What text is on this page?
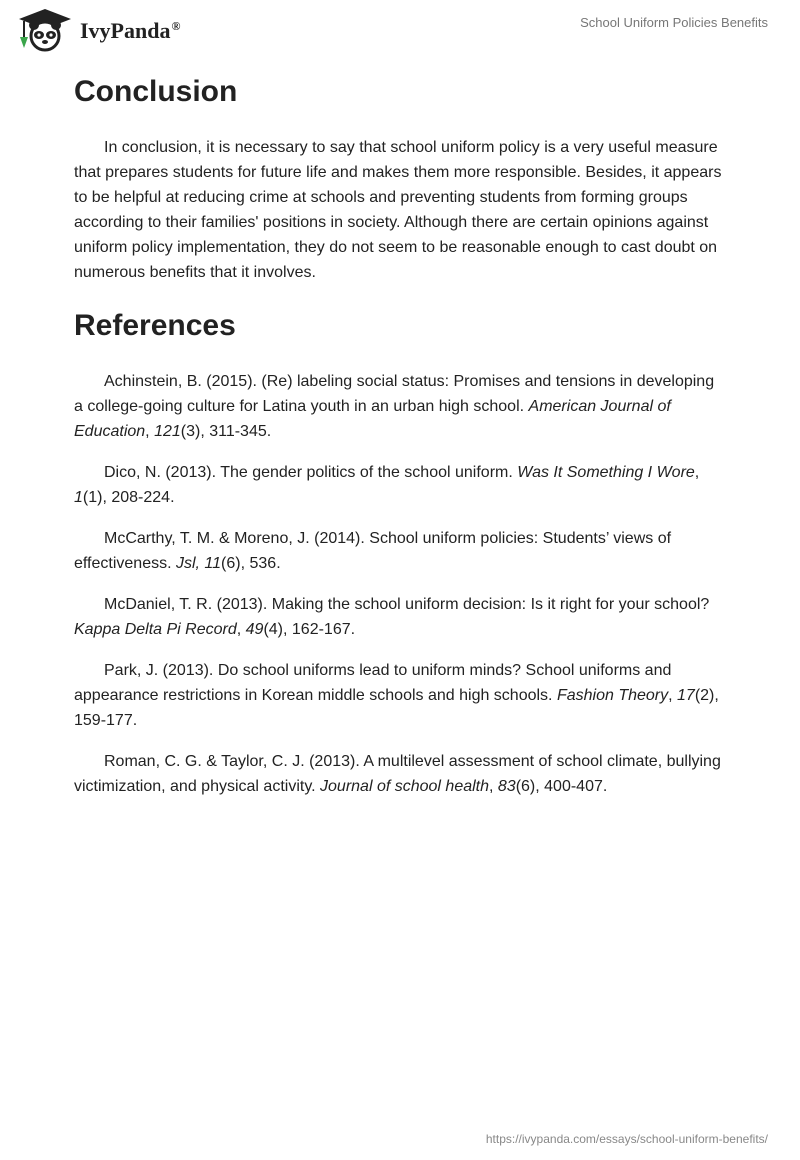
IvyPanda®	School Uniform Policies Benefits
Conclusion

In conclusion, it is necessary to say that school uniform policy is a very useful measure that prepares students for future life and makes them more responsible. Besides, it appears to be helpful at reducing crime at schools and preventing students from forming groups according to their families' positions in society. Although there are certain opinions against uniform policy implementation, they do not seem to be reasonable enough to cast doubt on numerous benefits that it involves.

References

Achinstein, B. (2015). (Re) labeling social status: Promises and tensions in developing a college-going culture for Latina youth in an urban high school. American Journal of Education, 121(3), 311-345.

Dico, N. (2013). The gender politics of the school uniform. Was It Something I Wore, 1(1), 208-224.

McCarthy, T. M. & Moreno, J. (2014). School uniform policies: Students’ views of effectiveness. Jsl, 11(6), 536.

McDaniel, T. R. (2013). Making the school uniform decision: Is it right for your school? Kappa Delta Pi Record, 49(4), 162-167.

Park, J. (2013). Do school uniforms lead to uniform minds? School uniforms and appearance restrictions in Korean middle schools and high schools. Fashion Theory, 17(2), 159-177.

Roman, C. G. & Taylor, C. J. (2013). A multilevel assessment of school climate, bullying victimization, and physical activity. Journal of school health, 83(6), 400-407.

https://ivypanda.com/essays/school-uniform-benefits/
